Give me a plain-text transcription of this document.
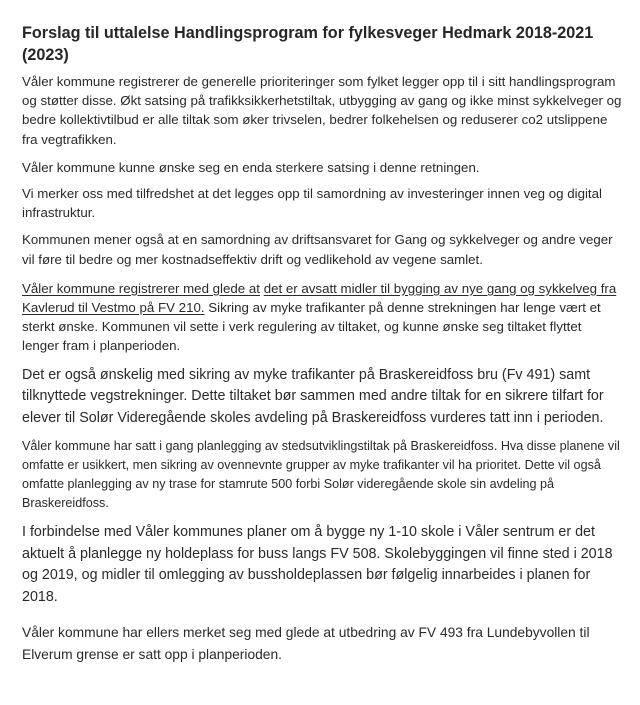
Forslag til uttalelse Handlingsprogram for fylkesveger Hedmark 2018-2021
(2023)

Våler kommune registrerer de generelle prioriteringer som fylket legger opp til i sitt handlingsprogram og støtter disse. Økt satsing på trafikksikkerhetstiltak, utbygging av gang og ikke minst sykkelveger og bedre kollektivtilbud er alle tiltak som øker trivselen, bedrer folkehelsen og reduserer co2 utslippene fra vegtrafikken.

Våler kommune kunne ønske seg en enda sterkere satsing i denne retningen.

Vi merker oss med tilfredshet at det legges opp til samordning av investeringer innen veg og digital infrastruktur.

Kommunen mener også at en samordning av driftsansvaret for Gang og sykkelveger og andre veger vil føre til bedre og mer kostnadseffektiv drift og vedlikehold av vegene samlet.

Våler kommune registrerer med glede at det er avsatt midler til bygging av nye gang og sykkelveg fra Kavlerud til Vestmo på FV 210. Sikring av myke trafikanter på denne strekningen har lenge vært et sterkt ønske. Kommunen vil sette i verk regulering av tiltaket, og kunne ønske seg tiltaket flyttet lenger fram i planperioden.

Det er også ønskelig med sikring av myke trafikanter på Braskereidfoss bru (Fv 491) samt tilknyttede vegstrekninger. Dette tiltaket bør sammen med andre tiltak for en sikrere tilfart for elever til Solør Videregående skoles avdeling på Braskereidfoss vurderes tatt inn i perioden.

Våler kommune har satt i gang planlegging av stedsutviklingstiltak på Braskereidfoss. Hva disse planene vil omfatte er usikkert, men sikring av ovennevnte grupper av myke trafikanter vil ha prioritet. Dette vil også omfatte planlegging av ny trase for stamrute 500 forbi Solør videregående skole sin avdeling på Braskereidfoss.

I forbindelse med Våler kommunes planer om å bygge ny 1-10 skole i Våler sentrum er det aktuelt å planlegge ny holdeplass for buss langs FV 508. Skolebyggingen vil finne sted i 2018 og 2019, og midler til omlegging av bussholdeplassen bør følgelig innarbeides i planen for 2018.

Våler kommune har ellers merket seg med glede at utbedring av FV 493 fra Lundebyvollen til Elverum grense er satt opp i planperioden.
